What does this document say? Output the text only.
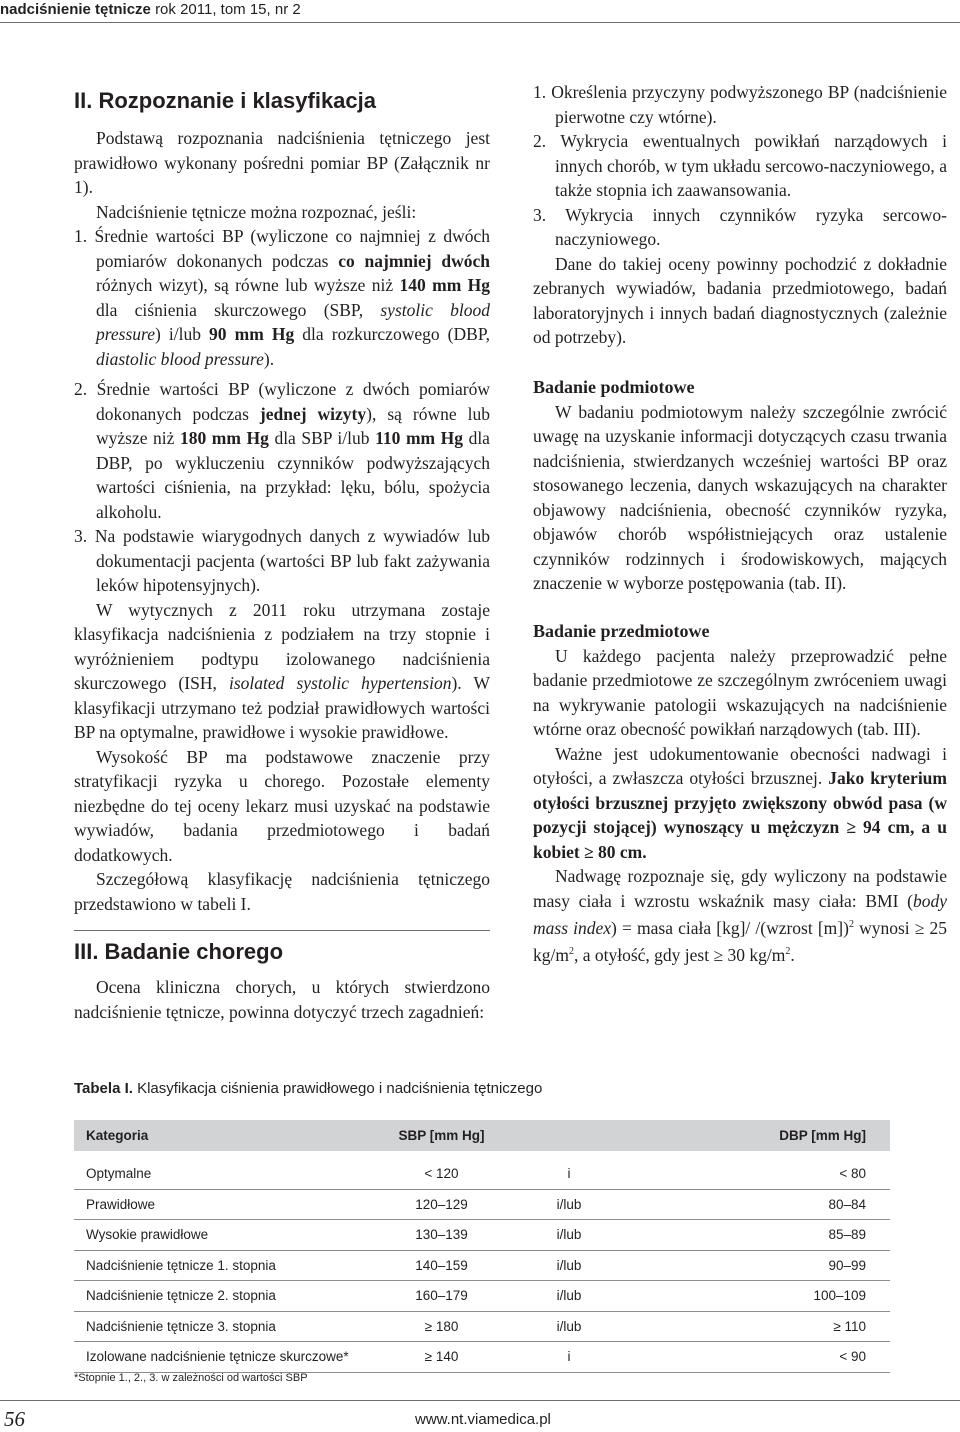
nadciśnienie tętnicze rok 2011, tom 15, nr 2
II. Rozpoznanie i klasyfikacja

Podstawą rozpoznania nadciśnienia tętniczego jest prawidłowo wykonany pośredni pomiar BP (Załącznik nr 1).

Nadciśnienie tętnicze można rozpoznać, jeśli:

1. Średnie wartości BP (wyliczone co najmniej z dwóch pomiarów dokonanych podczas co najmniej dwóch różnych wizyt), są równe lub wyższe niż 140 mm Hg dla ciśnienia skurczowego (SBP, systolic blood pressure) i/lub 90 mm Hg dla rozkurczowego (DBP, diastolic blood pressure).

2. Średnie wartości BP (wyliczone z dwóch pomiarów dokonanych podczas jednej wizyty), są równe lub wyższe niż 180 mm Hg dla SBP i/lub 110 mm Hg dla DBP, po wykluczeniu czynników podwyższających wartości ciśnienia, na przykład: lęku, bólu, spożycia alkoholu.

3. Na podstawie wiarygodnych danych z wywiadów lub dokumentacji pacjenta (wartości BP lub fakt zażywania leków hipotensyjnych).

W wytycznych z 2011 roku utrzymana zostaje klasyfikacja nadciśnienia z podziałem na trzy stopnie i wyróżnieniem podtypu izolowanego nadciśnienia skurczowego (ISH, isolated systolic hypertension). W klasyfikacji utrzymano też podział prawidłowych wartości BP na optymalne, prawidłowe i wysokie prawidłowe.

Wysokość BP ma podstawowe znaczenie przy stratyfikacji ryzyka u chorego. Pozostałe elementy niezbędne do tej oceny lekarz musi uzyskać na podstawie wywiadów, badania przedmiotowego i badań dodatkowych.

Szczegółową klasyfikację nadciśnienia tętniczego przedstawiono w tabeli I.

III. Badanie chorego

Ocena kliniczna chorych, u których stwierdzono nadciśnienie tętnicze, powinna dotyczyć trzech zagadnień:

1. Określenia przyczyny podwyższonego BP (nadciśnienie pierwotne czy wtórne).

2. Wykrycia ewentualnych powikłań narządowych i innych chorób, w tym układu sercowo-naczyniowego, a także stopnia ich zaawansowania.

3. Wykrycia innych czynników ryzyka sercowo-naczyniowego.

Dane do takiej oceny powinny pochodzić z dokładnie zebranych wywiadów, badania przedmiotowego, badań laboratoryjnych i innych badań diagnostycznych (zależnie od potrzeby).

Badanie podmiotowe

W badaniu podmiotowym należy szczególnie zwrócić uwagę na uzyskanie informacji dotyczących czasu trwania nadciśnienia, stwierdzanych wcześniej wartości BP oraz stosowanego leczenia, danych wskazujących na charakter objawowy nadciśnienia, obecność czynników ryzyka, objawów chorób współistniejących oraz ustalenie czynników rodzinnych i środowiskowych, mających znaczenie w wyborze postępowania (tab. II).

Badanie przedmiotowe

U każdego pacjenta należy przeprowadzić pełne badanie przedmiotowe ze szczególnym zwróceniem uwagi na wykrywanie patologii wskazujących na nadciśnienie wtórne oraz obecność powikłań narządowych (tab. III).

Ważne jest udokumentowanie obecności nadwagi i otyłości, a zwłaszcza otyłości brzusznej. Jako kryterium otyłości brzusznej przyjęto zwiększony obwód pasa (w pozycji stojącej) wynoszący u mężczyzn ≥ 94 cm, a u kobiet ≥ 80 cm.

Nadwagę rozpoznaje się, gdy wyliczony na podstawie masy ciała i wzrostu wskaźnik masy ciała: BMI (body mass index) = masa ciała [kg]/ /(wzrost [m])$^2$ wynosi ≥ 25 $kg/m^2$, a otyłość, gdy jest ≥ 30 $kg/m^2$.

Tabela I. Klasyfikacja ciśnienia prawidłowego i nadciśnienia tętniczego
Kategoria	SBP [mm Hg]		DBP [mm Hg]

Optymalne	< 120	i	< 80
Prawidłowe	120–129	i/lub	80–84
Wysokie prawidłowe	130–139	i/lub	85–89
Nadciśnienie tętnicze 1. stopnia	140–159	i/lub	90–99
Nadciśnienie tętnicze 2. stopnia	160–179	i/lub	100–109
Nadciśnienie tętnicze 3. stopnia	≥ 180	i/lub	≥ 110
Izolowane nadciśnienie tętnicze skurczowe*	≥ 140	i	< 90
*Stopnie 1., 2., 3. w zależności od wartości SBP
56	www.nt.viamedica.pl
